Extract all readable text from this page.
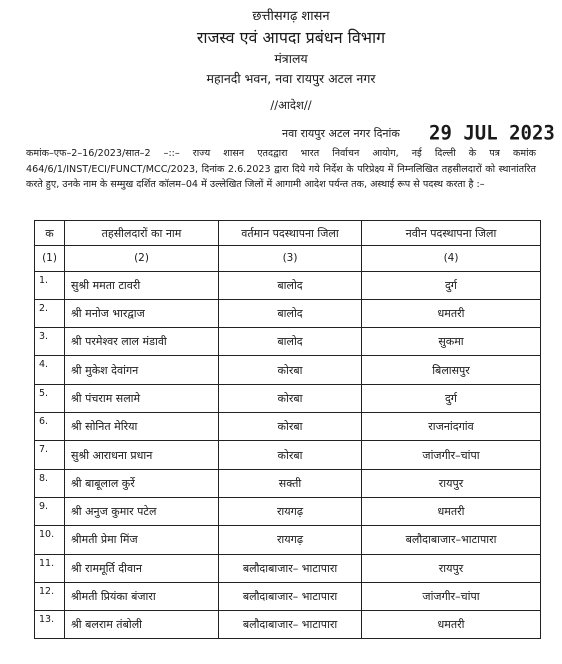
छत्तीसगढ़ शासन
राजस्व एवं आपदा प्रबंधन विभाग
मंत्रालय
महानदी भवन, नवा रायपुर अटल नगर
//आदेश//
नवा रायपुर अटल नगर दिनांक 29 JUL 2023
कमांक–एफ–2–16/2023/सात–2 –::– राज्य शासन एतदद्वारा भारत निर्वाचन आयोग, नई दिल्ली के पत्र कमांक 464/6/1/INST/ECI/FUNCT/MCC/2023, दिनांक 2.6.2023 द्वारा दिये गये निर्देश के परिप्रेक्ष्य में निम्नलिखित तहसीलदारों को स्थानांतरित करते हुए, उनके नाम के सम्मुख दर्शित कॉलम–04 में उल्लेखित जिलों में आगामी आदेश पर्यन्त तक, अस्थाई रूप से पदस्थ करता है :–
क	तहसीलदारों का नाम	वर्तमान पदस्थापना जिला	नवीन पदस्थापना जिला
(1)	(2)	(3)	(4)
1.	सुश्री ममता टावरी	बालोद	दुर्ग
2.	श्री मनोज भारद्वाज	बालोद	धमतरी
3.	श्री परमेश्वर लाल मंडावी	बालोद	सुकमा
4.	श्री मुकेश देवांगन	कोरबा	बिलासपुर
5.	श्री पंचराम सलामे	कोरबा	दुर्ग
6.	श्री सोनित मेरिया	कोरबा	राजनांदगांव
7.	सुश्री आराधना प्रधान	कोरबा	जांजगीर–चांपा
8.	श्री बाबूलाल कुर्रे	सक्ती	रायपुर
9.	श्री अनुज कुमार पटेल	रायगढ़	धमतरी
10.	श्रीमती प्रेमा मिंज	रायगढ़	बलौदाबाजार–भाटापारा
11.	श्री राममूर्ति दीवान	बलौदाबाजार– भाटापारा	रायपुर
12.	श्रीमती प्रियंका बंजारा	बलौदाबाजार– भाटापारा	जांजगीर–चांपा
13.	श्री बलराम तंबोली	बलौदाबाजार– भाटापारा	धमतरी
